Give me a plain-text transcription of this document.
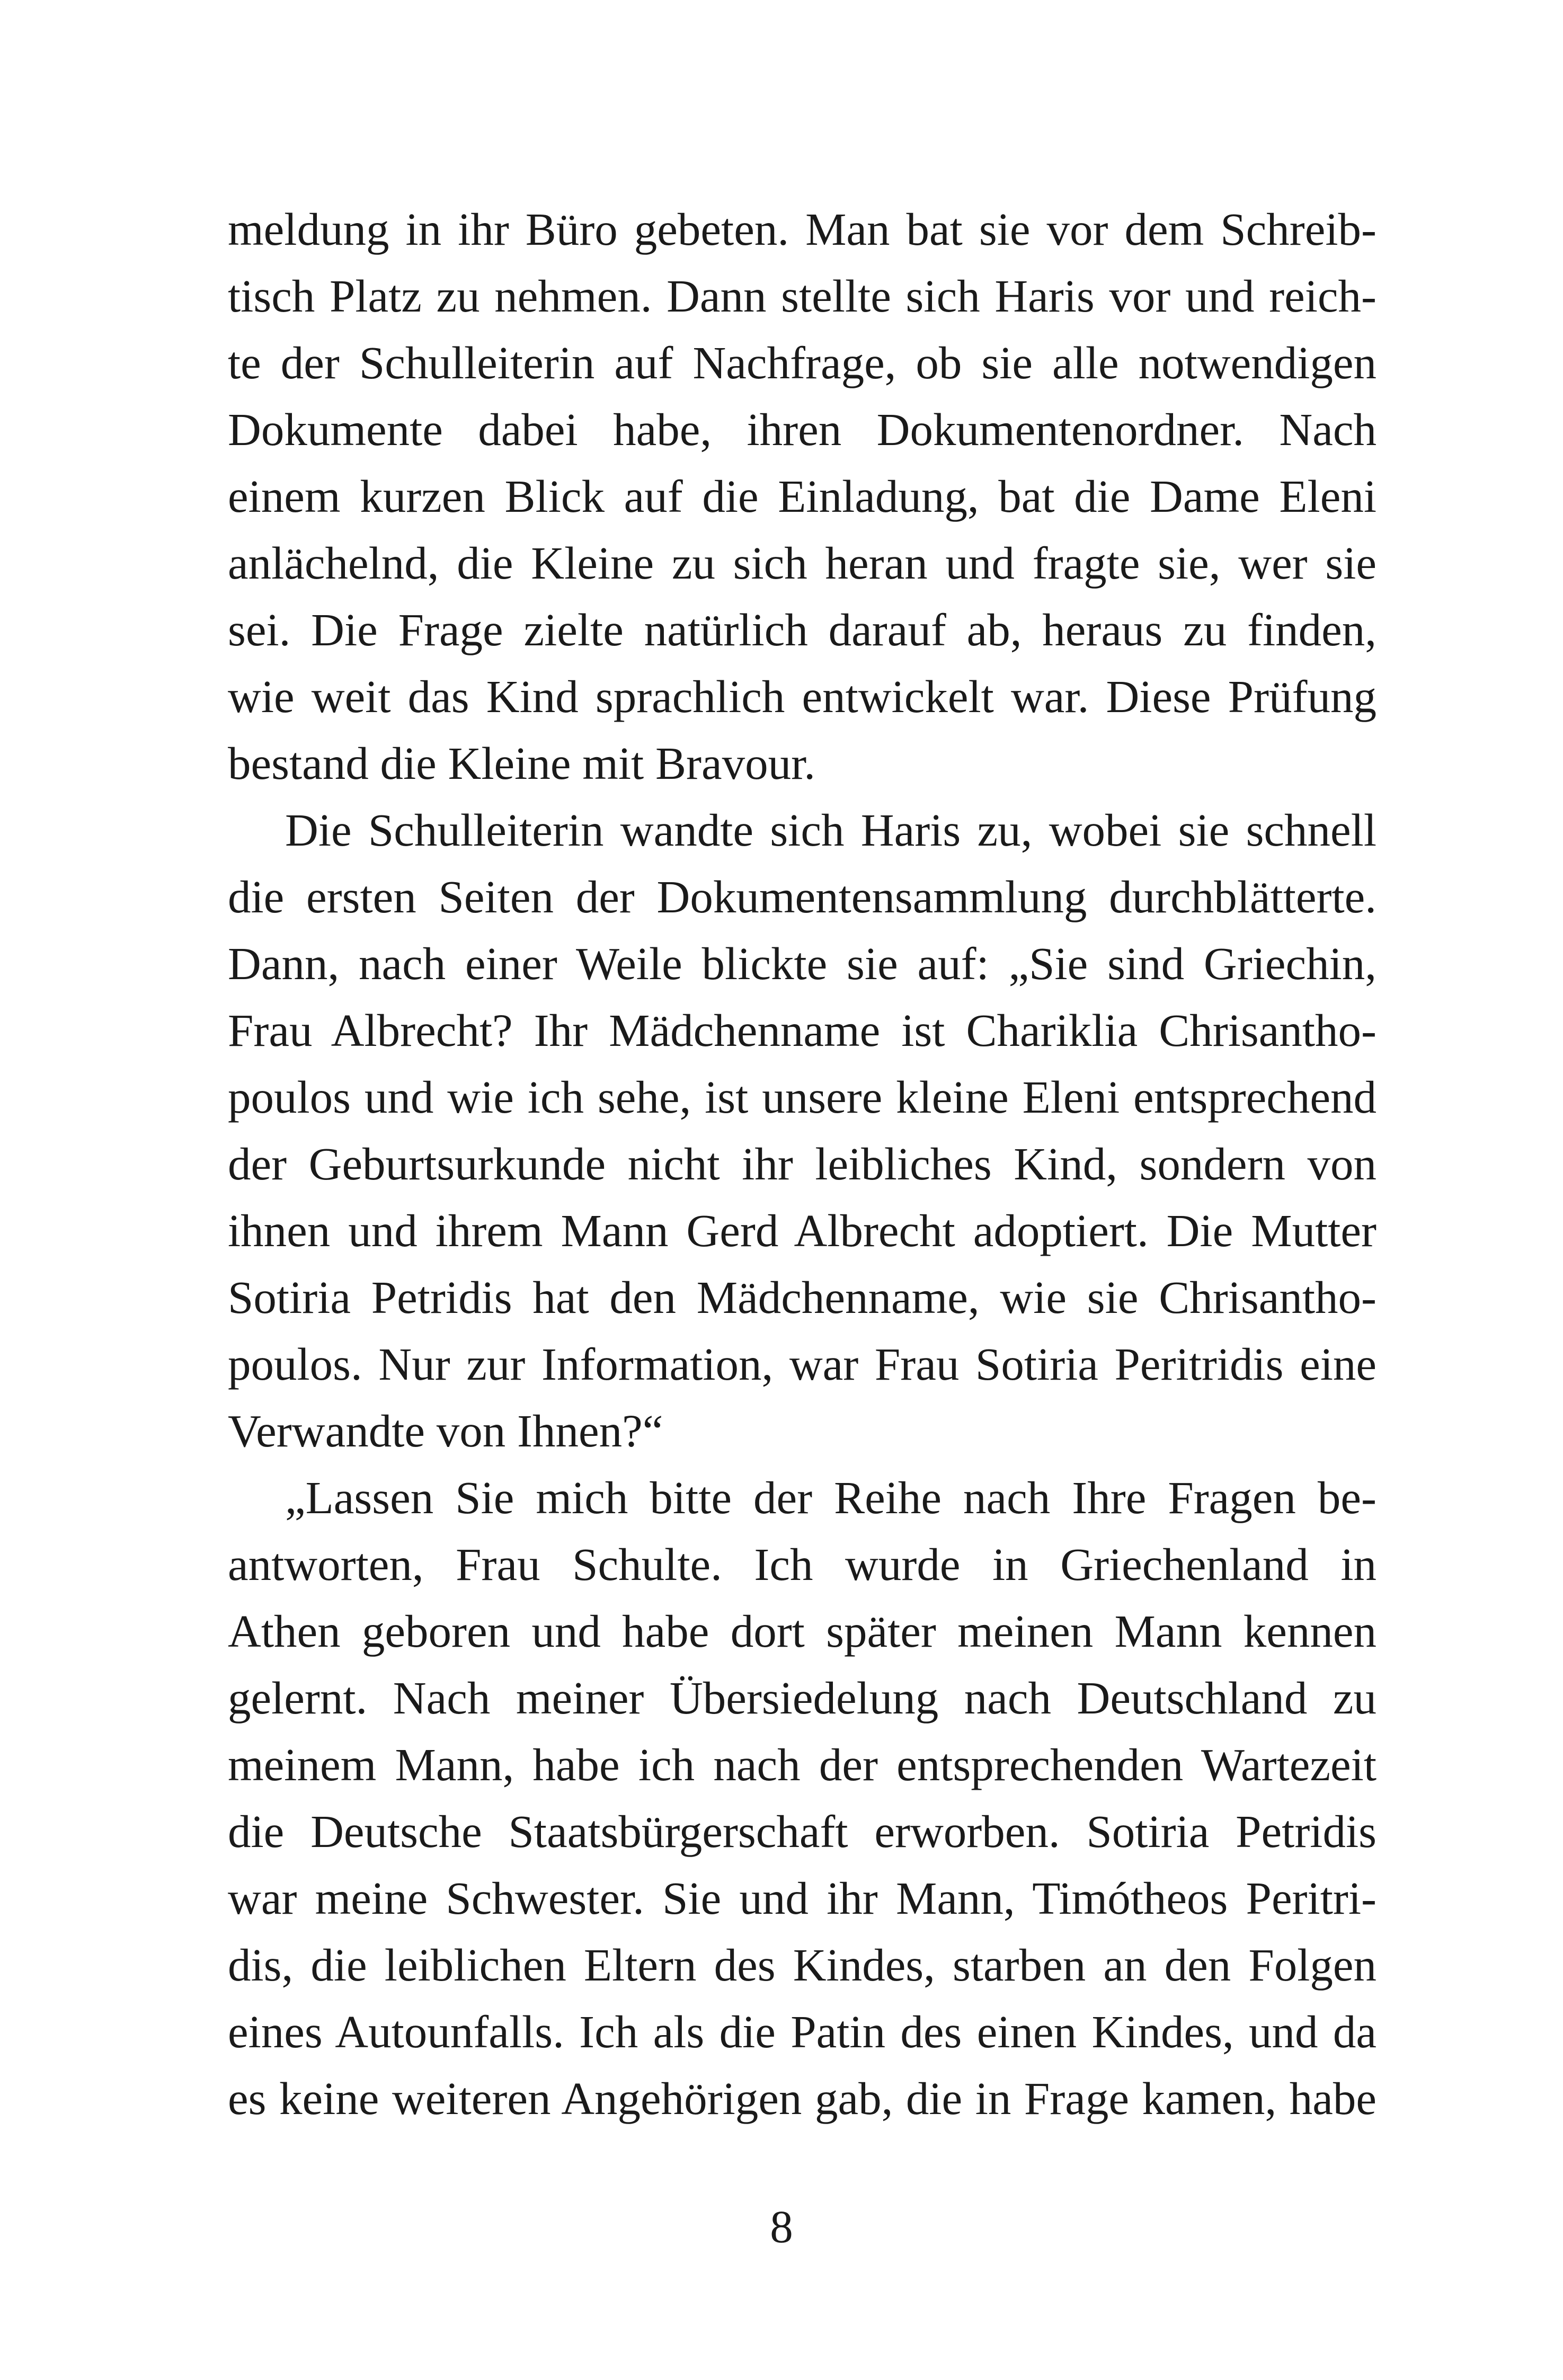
meldung in ihr Büro gebeten. Man bat sie vor dem Schreib-
tisch Platz zu nehmen. Dann stellte sich Haris vor und reich-
te der Schulleiterin auf Nachfrage, ob sie alle notwendigen
Dokumente dabei habe, ihren Dokumentenordner. Nach
einem kurzen Blick auf die Einladung, bat die Dame Eleni
anlächelnd, die Kleine zu sich heran und fragte sie, wer sie
sei. Die Frage zielte natürlich darauf ab, heraus zu finden,
wie weit das Kind sprachlich entwickelt war. Diese Prüfung
bestand die Kleine mit Bravour.
Die Schulleiterin wandte sich Haris zu, wobei sie schnell
die ersten Seiten der Dokumentensammlung durchblätterte.
Dann, nach einer Weile blickte sie auf: „Sie sind Griechin,
Frau Albrecht? Ihr Mädchenname ist Chariklia Chrisantho-
poulos und wie ich sehe, ist unsere kleine Eleni entsprechend
der Geburtsurkunde nicht ihr leibliches Kind, sondern von
ihnen und ihrem Mann Gerd Albrecht adoptiert. Die Mutter
Sotiria Petridis hat den Mädchenname, wie sie Chrisantho-
poulos. Nur zur Information, war Frau Sotiria Peritridis eine
Verwandte von Ihnen?“
„Lassen Sie mich bitte der Reihe nach Ihre Fragen be-
antworten, Frau Schulte. Ich wurde in Griechenland in
Athen geboren und habe dort später meinen Mann kennen
gelernt. Nach meiner Übersiedelung nach Deutschland zu
meinem Mann, habe ich nach der entsprechenden Wartezeit
die Deutsche Staatsbürgerschaft erworben. Sotiria Petridis
war meine Schwester. Sie und ihr Mann, Timótheos Peritri-
dis, die leiblichen Eltern des Kindes, starben an den Folgen
eines Autounfalls. Ich als die Patin des einen Kindes, und da
es keine weiteren Angehörigen gab, die in Frage kamen, habe
8
